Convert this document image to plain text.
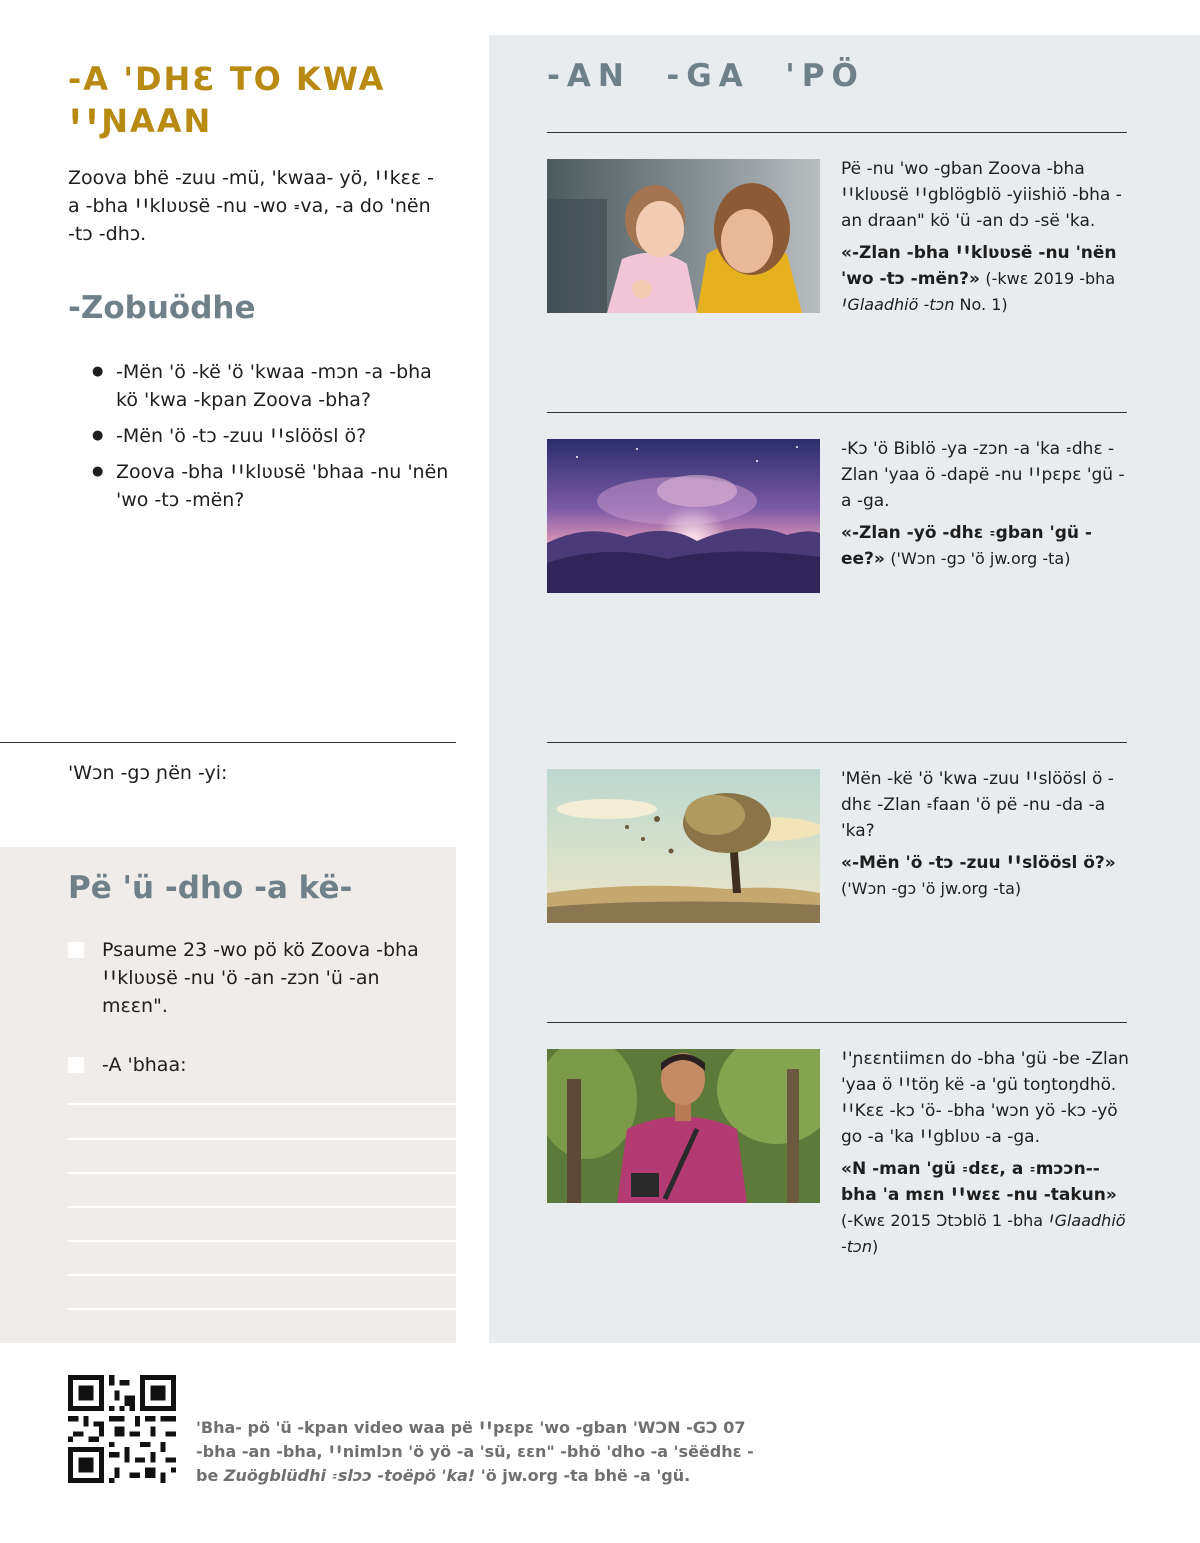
-A ꞌDHƐ TO KWA ꞋꞋƝAAN

Zoova bhë -zuu -mü, ꞌkwaa- yö, ꞋꞋkɛɛ -a -bha ꞋꞋklʋʋsë -nu -wo ꞊va, -a do ꞌnën -tɔ -dhɔ.

-Zobuödhe
● -Mën ꞌö -kë ꞌö ꞌkwaa -mɔn -a -bha kö ꞌkwa -kpan Zoova -bha?
● -Mën ꞌö -tɔ -zuu ꞋꞋslöösl ö?
● Zoova -bha ꞋꞋklʋʋsë ꞌbhaa -nu ꞌnën ꞌwo -tɔ -mën?
ꞌWɔn -gɔ ɲën -yi:
Pë ꞌü -dho -a kë-
Psaume 23 -wo pö kö Zoova -bha ꞋꞋklʋʋsë -nu ꞌö -an -zɔn ꞌü -an mɛɛn".
-A ꞌbhaa:
-AN  -GA  ꞌPÖ
Pë -nu ꞌwo -gban Zoova -bha ꞋꞋklʋʋsë ꞋꞋgblögblö -yiishiö -bha -an draan" kö ꞌü -an dɔ -së ꞌka.
«-Zlan -bha ꞋꞋklʋʋsë -nu ꞌnën ꞌwo -tɔ -mën?» (-kwɛ 2019 -bha ꞋGlaadhiö -tɔn No. 1)
-Kɔ ꞌö Biblö -ya -zɔn -a ꞌka ꞊dhɛ -Zlan ꞌyaa ö -dapë -nu ꞋꞋpɛpɛ ꞌgü -a -ga.
«-Zlan -yö -dhɛ ꞊gban ꞌgü -ee?» (ꞌWɔn -gɔ ꞌö jw.org -ta)
ꞌMën -kë ꞌö ꞌkwa -zuu ꞋꞋslöösl ö -dhɛ -Zlan ꞊faan ꞌö pë -nu -da -a ꞌka?
«-Mën ꞌö -tɔ -zuu ꞋꞋslöösl ö?» (ꞌWɔn -gɔ ꞌö jw.org -ta)
Ꞌꞌɲɛɛntiimɛn do -bha ꞌgü -be -Zlan ꞌyaa ö ꞋꞋtöŋ kë -a ꞌgü toŋtoŋdhö. ꞋꞋKɛɛ -kɔ ꞌö- -bha ꞌwɔn yö -kɔ -yö go -a ꞌka ꞋꞋgblʋʋ -a -ga.
«N -man ꞌgü ꞊dɛɛ, a ꞊mɔɔn--bha ꞌa mɛn ꞋꞋwɛɛ -nu -takun» (-Kwɛ 2015 Ɔtɔblö 1 -bha ꞋGlaadhiö -tɔn)

ꞌBha- pö ꞌü -kpan video waa pë ꞋꞋpɛpɛ ꞌwo -gban ꞌWƆN -GƆ 07 -bha -an -bha, ꞋꞋnimlɔn ꞌö yö -a ꞌsü, ɛɛn" -bhö ꞌdho -a ꞌsëëdhɛ -be Zuögblüdhi ꞊slɔɔ -toëpö ꞌka! ꞌö jw.org -ta bhë -a ꞌgü.
